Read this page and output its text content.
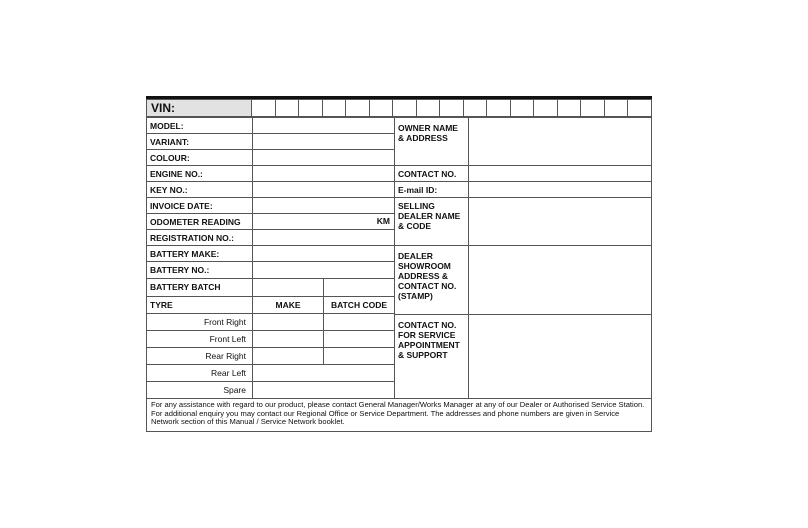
VIN:
MODEL:
VARIANT:
COLOUR:
ENGINE NO.:
KEY NO.:
INVOICE DATE:
ODOMETER READING	KM
REGISTRATION NO.:
BATTERY MAKE:
BATTERY NO.:
BATTERY BATCH
TYRE	MAKE	BATCH CODE
Front Right
Front Left
Rear Right
Rear Left
Spare
OWNER NAME & ADDRESS
CONTACT NO.
E-mail ID:
SELLING DEALER NAME & CODE
DEALER SHOWROOM ADDRESS & CONTACT NO. (STAMP)
CONTACT NO. FOR SERVICE APPOINTMENT & SUPPORT
For any assistance with regard to our product, please contact General Manager/Works Manager at any of our Dealer or Authorised Service Station. For additional enquiry you may contact our Regional Office or Service Department. The addresses and phone numbers are given in Service Network section of this Manual / Service Network booklet.
